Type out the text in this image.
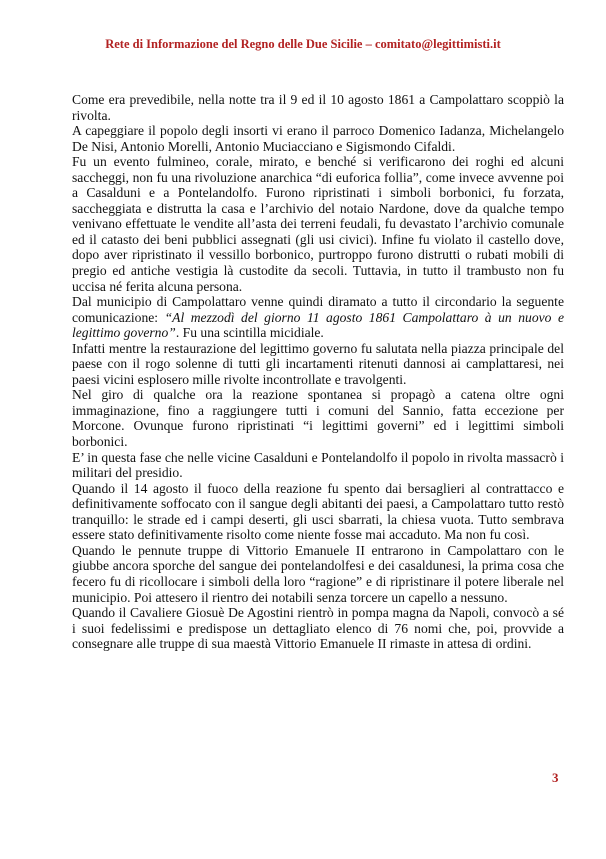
Rete di Informazione del Regno delle Due Sicilie – comitato@legittimisti.it

Come era prevedibile, nella notte tra il 9 ed il 10 agosto 1861 a Campolattaro scoppiò la rivolta.

A capeggiare il popolo degli insorti vi erano il parroco Domenico Iadanza, Michelangelo De Nisi, Antonio Morelli, Antonio Muciacciano e Sigismondo Cifaldi.

Fu un evento fulmineo, corale, mirato, e benché si verificarono dei roghi ed alcuni saccheggi, non fu una rivoluzione anarchica “di euforica follia”, come invece avvenne poi a Casalduni e a Pontelandolfo. Furono ripristinati i simboli borbonici, fu forzata, saccheggiata e distrutta la casa e l’archivio del notaio Nardone, dove da qualche tempo venivano effettuate le vendite all’asta dei terreni feudali, fu devastato l’archivio comunale ed il catasto dei beni pubblici assegnati (gli usi civici). Infine fu violato il castello dove, dopo aver ripristinato il vessillo borbonico, purtroppo furono distrutti o rubati mobili di pregio ed antiche vestigia là custodite da secoli. Tuttavia, in tutto il trambusto non fu uccisa né ferita alcuna persona.

Dal municipio di Campolattaro venne quindi diramato a tutto il circondario la seguente comunicazione: “Al mezzodì del giorno 11 agosto 1861 Campolattaro à un nuovo e legittimo governo”. Fu una scintilla micidiale.

Infatti mentre la restaurazione del legittimo governo fu salutata nella piazza principale del paese con il rogo solenne di tutti gli incartamenti ritenuti dannosi ai camplattaresi, nei paesi vicini esplosero mille rivolte incontrollate e travolgenti.

Nel giro di qualche ora la reazione spontanea si propagò a catena oltre ogni immaginazione, fino a raggiungere tutti i comuni del Sannio, fatta eccezione per Morcone. Ovunque furono ripristinati “i legittimi governi” ed i legittimi simboli borbonici.

E’ in questa fase che nelle vicine Casalduni e Pontelandolfo il popolo in rivolta massacrò i militari del presidio.

Quando il 14 agosto il fuoco della reazione fu spento dai bersaglieri al contrattacco e definitivamente soffocato con il sangue degli abitanti dei paesi, a Campolattaro tutto restò tranquillo: le strade ed i campi deserti, gli usci sbarrati, la chiesa vuota. Tutto sembrava essere stato definitivamente risolto come niente fosse mai accaduto. Ma non fu così.

Quando le pennute truppe di Vittorio Emanuele II entrarono in Campolattaro con le giubbe ancora sporche del sangue dei pontelandolfesi e dei casaldunesi, la prima cosa che fecero fu di ricollocare i simboli della loro “ragione” e di ripristinare il potere liberale nel municipio. Poi attesero il rientro dei notabili senza torcere un capello a nessuno.

Quando il Cavaliere Giosuè De Agostini rientrò in pompa magna da Napoli, convocò a sé i suoi fedelissimi e predispose un dettagliato elenco di 76 nomi che, poi, provvide a consegnare alle truppe di sua maestà Vittorio Emanuele II rimaste in attesa di ordini.

3
